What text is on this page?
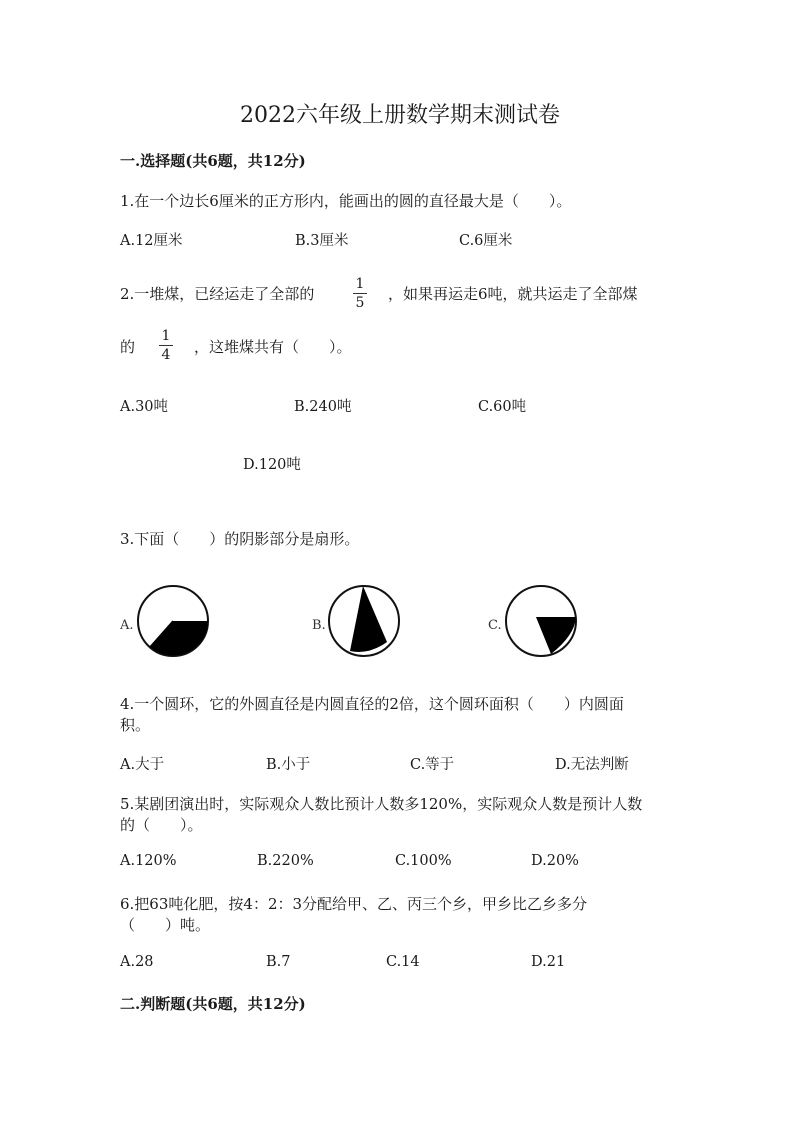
2022六年级上册数学期末测试卷
一.选择题(共6题，共12分)
1.在一个边长6厘米的正方形内，能画出的圆的直径最大是（　　）。
A.12厘米	B.3厘米	C.6厘米
2.一堆煤，已经运走了全部的
1
5 ，如果再运走6吨，就共运走了全部煤
的
1
4 ，这堆煤共有（　　）。
A.30吨	B.240吨	C.60吨
D.120吨
3.下面（　　）的阴影部分是扇形。
A.	B.	C.
4.一个圆环，它的外圆直径是内圆直径的2倍，这个圆环面积（　　）内圆面
积。
A.大于	B.小于	C.等于	D.无法判断
5.某剧团演出时，实际观众人数比预计人数多120%，实际观众人数是预计人数
的（　　）。
A.120%	B.220%	C.100%	D.20%
6.把63吨化肥，按4：2：3分配给甲、乙、丙三个乡，甲乡比乙乡多分
（　　）吨。
A.28	B.7	C.14	D.21
二.判断题(共6题，共12分)
